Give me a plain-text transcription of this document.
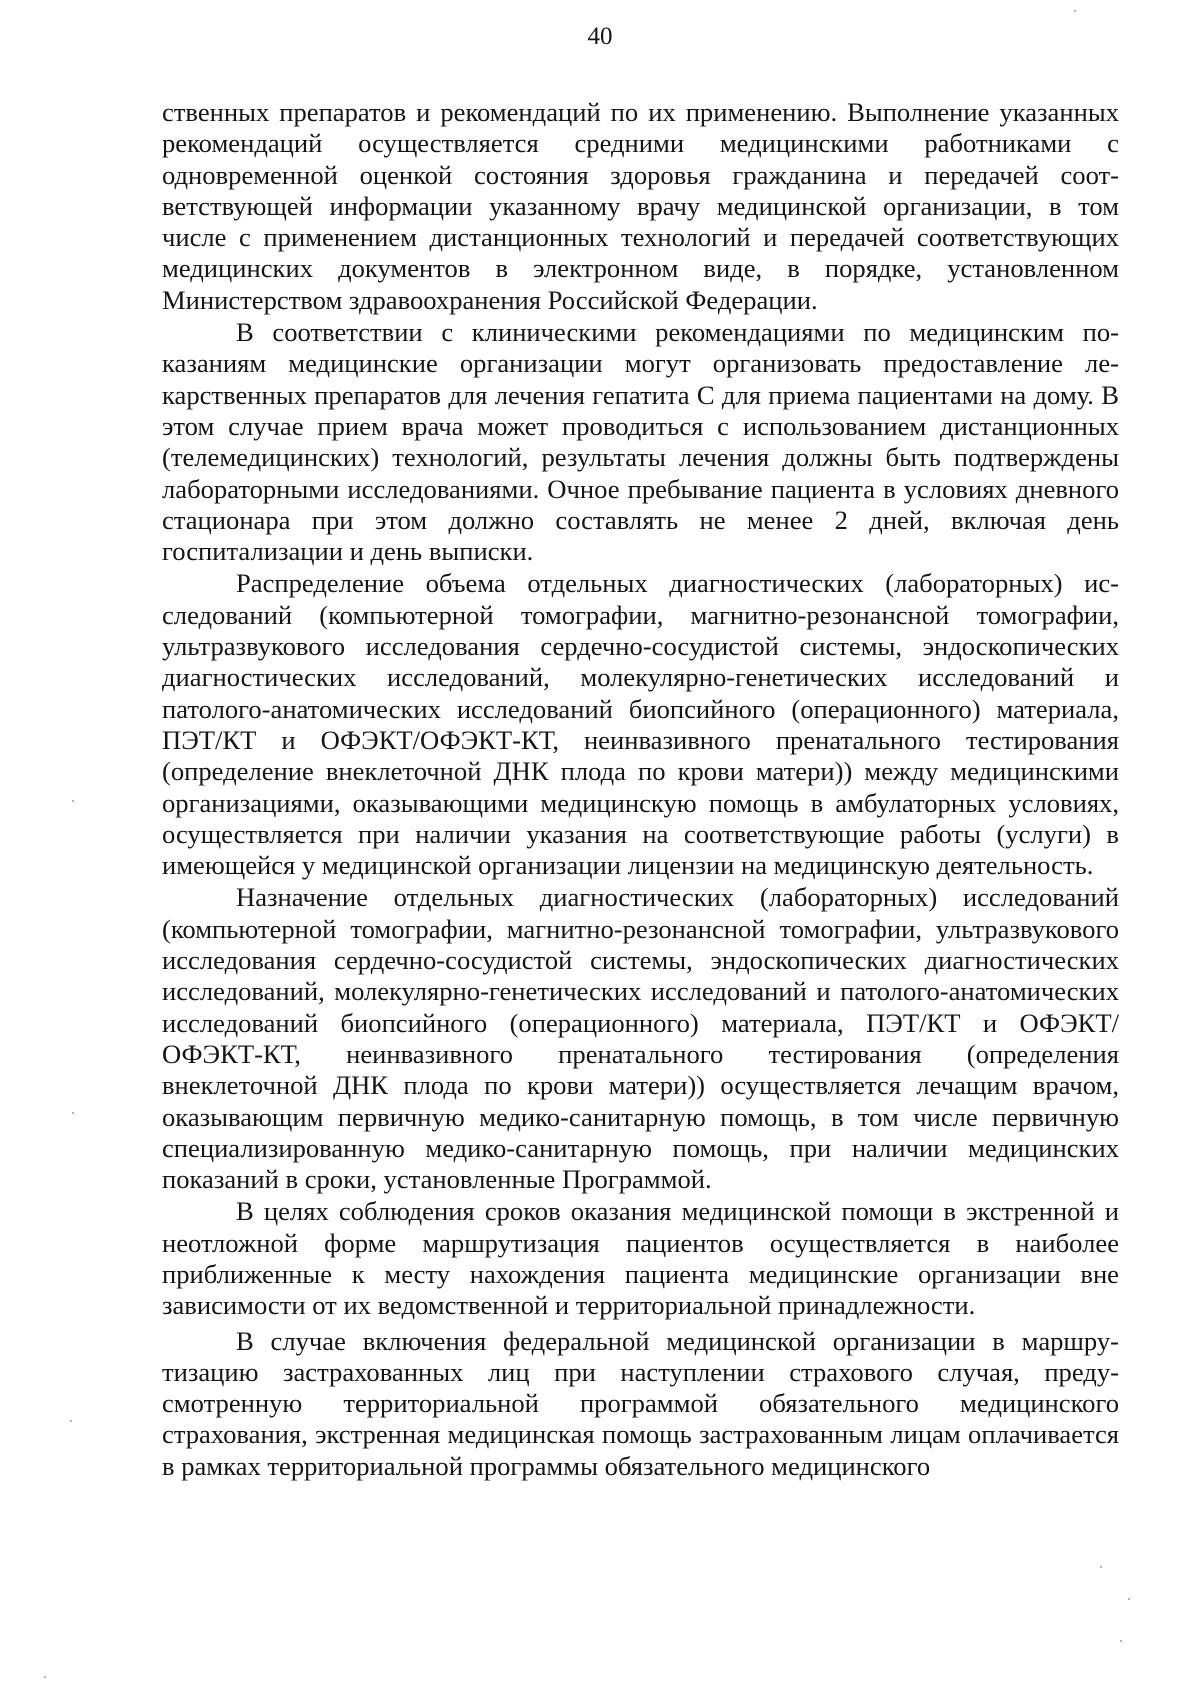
40

ственных препаратов и рекомендаций по их применению. Выполнение указанных рекомендаций осуществляется средними медицинскими работниками с одновременной оценкой состояния здоровья гражданина и передачей соответствующей информации указанному врачу медицинской организации, в том числе с применением дистанционных технологий и передачей соответствующих медицинских документов в электронном виде, в порядке, установленном Министерством здравоохранения Российской Федерации.

В соответствии с клиническими рекомендациями по медицинским показаниям медицинские организации могут организовать предоставление лекарственных препаратов для лечения гепатита С для приема пациентами на дому. В этом случае прием врача может проводиться с использованием дистанционных (телемедицинских) технологий, результаты лечения должны быть подтверждены лабораторными исследованиями. Очное пребывание пациента в условиях дневного стационара при этом должно составлять не менее 2 дней, включая день госпитализации и день выписки.

Распределение объема отдельных диагностических (лабораторных) исследований (компьютерной томографии, магнитно-резонансной томографии, ультразвукового исследования сердечно-сосудистой системы, эндоскопических диагностических исследований, молекулярно-генетических исследований и патолого-анатомических исследований биопсийного (операционного) материала, ПЭТ/КТ и ОФЭКТ/ОФЭКТ-КТ, неинвазивного пренатального тестирования (определение внеклеточной ДНК плода по крови матери)) между медицинскими организациями, оказывающими медицинскую помощь в амбулаторных условиях, осуществляется при наличии указания на соответствующие работы (услуги) в имеющейся у медицинской организации лицензии на медицинскую деятельность.

Назначение отдельных диагностических (лабораторных) исследований (компьютерной томографии, магнитно-резонансной томографии, ультразвукового исследования сердечно-сосудистой системы, эндоскопических диагностических исследований, молекулярно-генетических исследований и патолого-анатомических исследований биопсийного (операционного) материала, ПЭТ/КТ и ОФЭКТ/ОФЭКТ-КТ, неинвазивного пренатального тестирования (определения внеклеточной ДНК плода по крови матери)) осуществляется лечащим врачом, оказывающим первичную медико-санитарную помощь, в том числе первичную специализированную медико-санитарную помощь, при наличии медицинских показаний в сроки, установленные Программой.

В целях соблюдения сроков оказания медицинской помощи в экстренной и неотложной форме маршрутизация пациентов осуществляется в наиболее приближенные к месту нахождения пациента медицинские организации вне зависимости от их ведомственной и территориальной принадлежности.

В случае включения федеральной медицинской организации в маршрутизацию застрахованных лиц при наступлении страхового случая, предусмотренную территориальной программой обязательного медицинского страхования, экстренная медицинская помощь застрахованным лицам оплачивается в рамках территориальной программы обязательного медицинского
